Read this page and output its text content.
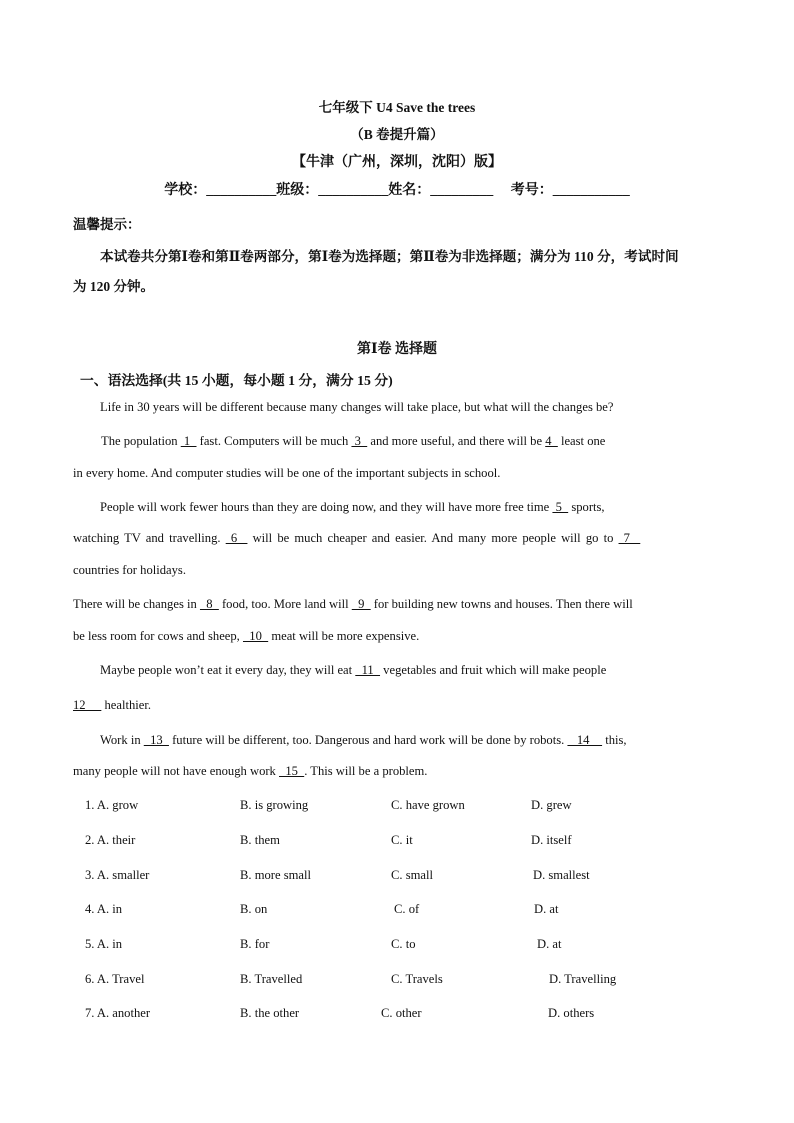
七年级下 U4 Save the trees
（B 卷提升篇）
【牛津（广州，深圳，沈阳）版】
学校：__________班级：__________姓名：_________     考号：___________
温馨提示：
本试卷共分第Ⅰ卷和第Ⅱ卷两部分，第Ⅰ卷为选择题；第Ⅱ卷为非选择题；满分为 110 分，考试时间
为 120 分钟。
第Ⅰ卷 选择题
一、语法选择(共 15 小题，每小题 1 分，满分 15 分)
Life in 30 years will be different because many changes will take place, but what will the changes be?
The population  1   fast. Computers will be much  3   and more useful, and there will be 4   least one
in every home. And computer studies will be one of the important subjects in school.
People will work fewer hours than they are doing now, and they will have more free time  5   sports,
watching TV and travelling.  6   will be much cheaper and easier. And many more people will go to  7
countries for holidays.
There will be changes in   8   food, too. More land will   9   for building new towns and houses. Then there will
be less room for cows and sheep,   10   meat will be more expensive.
Maybe people won’t eat it every day, they will eat   11   vegetables and fruit which will make people
12      healthier.
Work in   13   future will be different, too. Dangerous and hard work will be done by robots.    14     this,
many people will not have enough work   15  . This will be a problem.
1. A. grow	B. is growing	C. have grown	D. grew
2. A. their	B. them	C. it	D. itself
3. A. smaller	B. more small	C. small	D. smallest
4. A. in	B. on	C. of	D. at
5. A. in	B. for	C. to	D. at
6. A. Travel	B. Travelled	C. Travels	D. Travelling
7. A. another	B. the other	C. other	D. others
